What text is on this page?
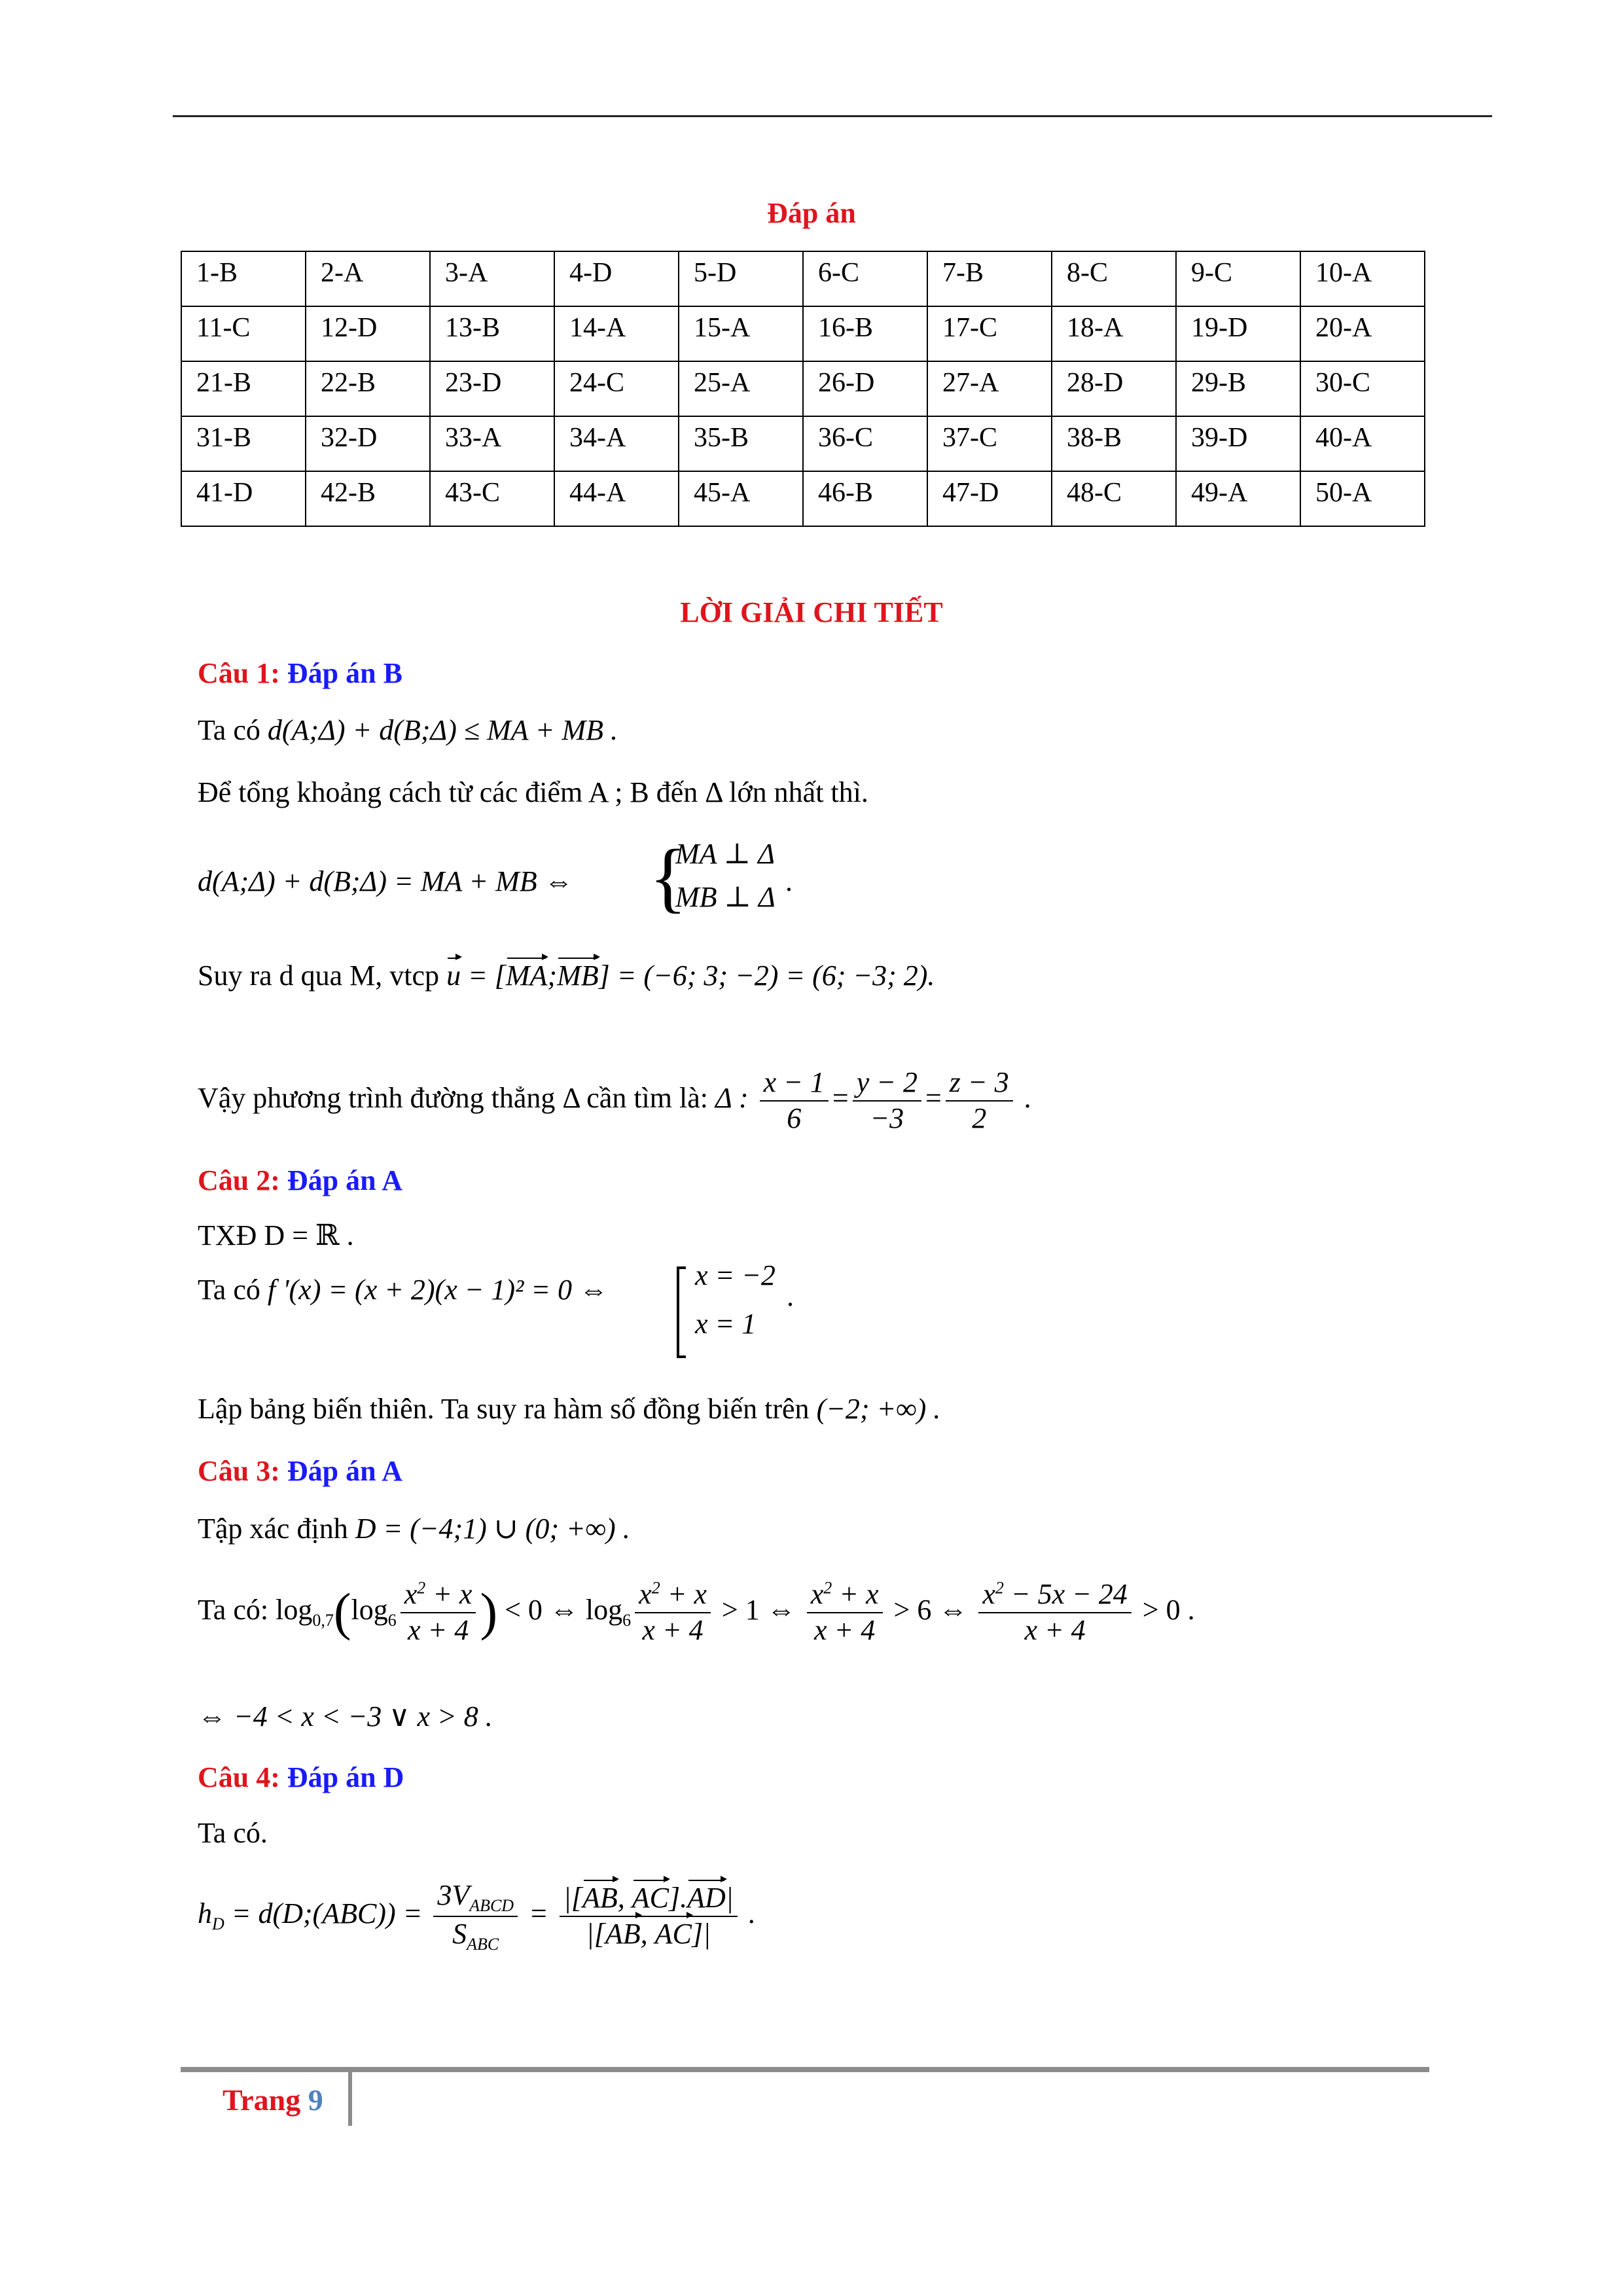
Đáp án
1-B	2-A	3-A	4-D	5-D	6-C	7-B	8-C	9-C	10-A
11-C	12-D	13-B	14-A	15-A	16-B	17-C	18-A	19-D	20-A
21-B	22-B	23-D	24-C	25-A	26-D	27-A	28-D	29-B	30-C
31-B	32-D	33-A	34-A	35-B	36-C	37-C	38-B	39-D	40-A
41-D	42-B	43-C	44-A	45-A	46-B	47-D	48-C	49-A	50-A
LỜI GIẢI CHI TIẾT
Câu 1: Đáp án B
Ta có d(A;Δ) + d(B;Δ) ≤ MA + MB .
Để tổng khoảng cách từ các điểm A ; B đến Δ lớn nhất thì.
d(A;Δ) + d(B;Δ) = MA + MB ⇔ {
MA ⊥ Δ
MB ⊥ Δ .
Suy ra d qua M, vtcp u = [MA;MB] = (−6; 3; −2) = (6; −3; 2).
Vậy phương trình đường thẳng Δ cần tìm là: Δ : $\frac{x - 1}{6} = \frac{y - 2}{-3} = \frac{z - 3}{2}$ .
Câu 2: Đáp án A
TXĐ D = ℝ .
Ta có f '(x) = (x + 2)(x − 1)² = 0 ⇔	x = −2
x = 1
.
Lập bảng biến thiên. Ta suy ra hàm số đồng biến trên (−2; +∞) .
Câu 3: Đáp án A
Tập xác định D = (−4;1) ∪ (0; +∞) .
Ta có: $\log_{0,7}(\log_6 \frac{x^2 + x}{x + 4}$ ) < 0 ⇔ $\log_6 \frac{x^2 + x}{x + 4} > 1$ ⇔ $\frac{x^2 + x}{x + 4} > 6$ ⇔ $\frac{x^2 - 5x - 24}{x + 4} > 0$ .
⇔ −4 < x < −3 ∨ x > 8 .
Câu 4: Đáp án D
Ta có.
$h_D$ = d(D;(ABC)) = $\frac{3V_{ABCD}}{S_{ABC}} = \frac{|[AB, AC].AD|}{|[AB, AC]|}$ .
Trang 9
